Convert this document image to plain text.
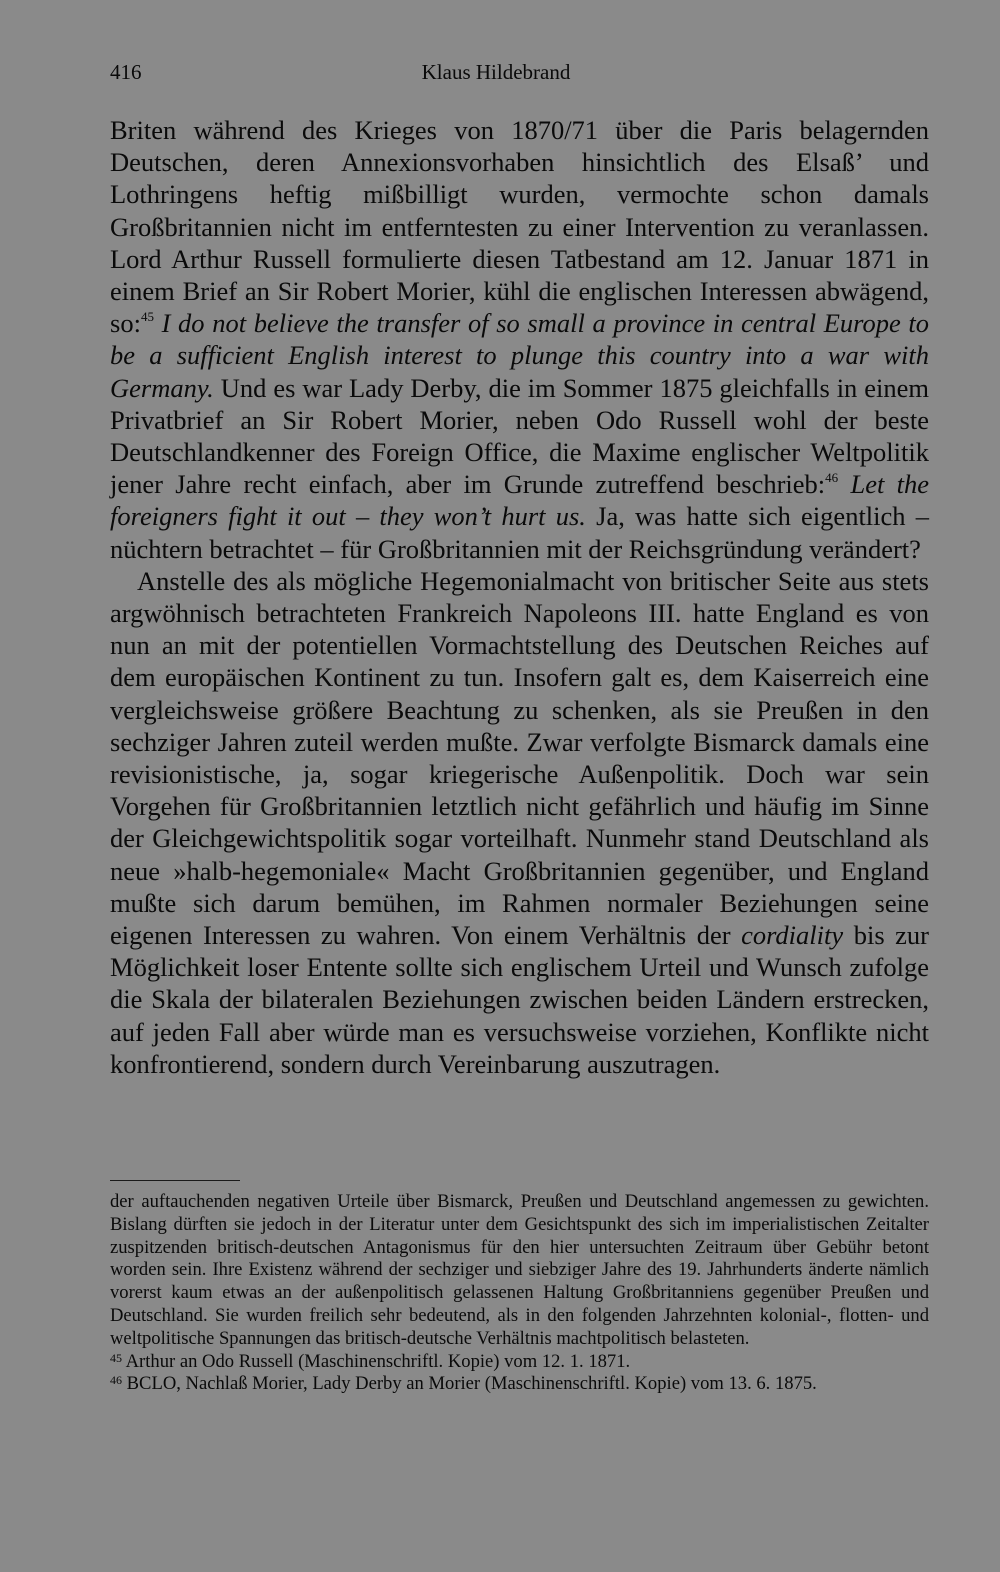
416	Klaus Hildebrand

Briten während des Krieges von 1870/71 über die Paris belagernden Deutschen, deren Annexionsvorhaben hinsichtlich des Elsaß’ und Lothringens heftig mißbilligt wurden, vermochte schon damals Großbritannien nicht im entferntesten zu einer Intervention zu veranlassen. Lord Arthur Russell formulierte diesen Tatbestand am 12. Januar 1871 in einem Brief an Sir Robert Morier, kühl die englischen Interessen abwägend, so:$^{45}$ I do not believe the transfer of so small a province in central Europe to be a sufficient English interest to plunge this country into a war with Germany. Und es war Lady Derby, die im Sommer 1875 gleichfalls in einem Privatbrief an Sir Robert Morier, neben Odo Russell wohl der beste Deutschlandkenner des Foreign Office, die Maxime englischer Weltpolitik jener Jahre recht einfach, aber im Grunde zutreffend beschrieb:$^{46}$ Let the foreigners fight it out – they won’t hurt us. Ja, was hatte sich eigentlich – nüchtern betrachtet – für Großbritannien mit der Reichsgründung verändert?

Anstelle des als mögliche Hegemonialmacht von britischer Seite aus stets argwöhnisch betrachteten Frankreich Napoleons III. hatte England es von nun an mit der potentiellen Vormachtstellung des Deutschen Reiches auf dem europäischen Kontinent zu tun. Insofern galt es, dem Kaiserreich eine vergleichsweise größere Beachtung zu schenken, als sie Preußen in den sechziger Jahren zuteil werden mußte. Zwar verfolgte Bismarck damals eine revisionistische, ja, sogar kriegerische Außenpolitik. Doch war sein Vorgehen für Großbritannien letztlich nicht gefährlich und häufig im Sinne der Gleichgewichtspolitik sogar vorteilhaft. Nunmehr stand Deutschland als neue »halb-hegemoniale« Macht Großbritannien gegenüber, und England mußte sich darum bemühen, im Rahmen normaler Beziehungen seine eigenen Interessen zu wahren. Von einem Verhältnis der cordiality bis zur Möglichkeit loser Entente sollte sich englischem Urteil und Wunsch zufolge die Skala der bilateralen Beziehungen zwischen beiden Ländern erstrecken, auf jeden Fall aber würde man es versuchsweise vorziehen, Konflikte nicht konfrontierend, sondern durch Vereinbarung auszutragen.

der auftauchenden negativen Urteile über Bismarck, Preußen und Deutschland angemessen zu gewichten. Bislang dürften sie jedoch in der Literatur unter dem Gesichtspunkt des sich im imperialistischen Zeitalter zuspitzenden britisch-deutschen Antagonismus für den hier untersuchten Zeitraum über Gebühr betont worden sein. Ihre Existenz während der sechziger und siebziger Jahre des 19. Jahrhunderts änderte nämlich vorerst kaum etwas an der außenpolitisch gelassenen Haltung Großbritanniens gegenüber Preußen und Deutschland. Sie wurden freilich sehr bedeutend, als in den folgenden Jahrzehnten kolonial-, flotten- und weltpolitische Spannungen das britisch-deutsche Verhältnis machtpolitisch belasteten.

$^{45}$ Arthur an Odo Russell (Maschinenschriftl. Kopie) vom 12. 1. 1871.

$^{46}$ BCLO, Nachlaß Morier, Lady Derby an Morier (Maschinenschriftl. Kopie) vom 13. 6. 1875.
